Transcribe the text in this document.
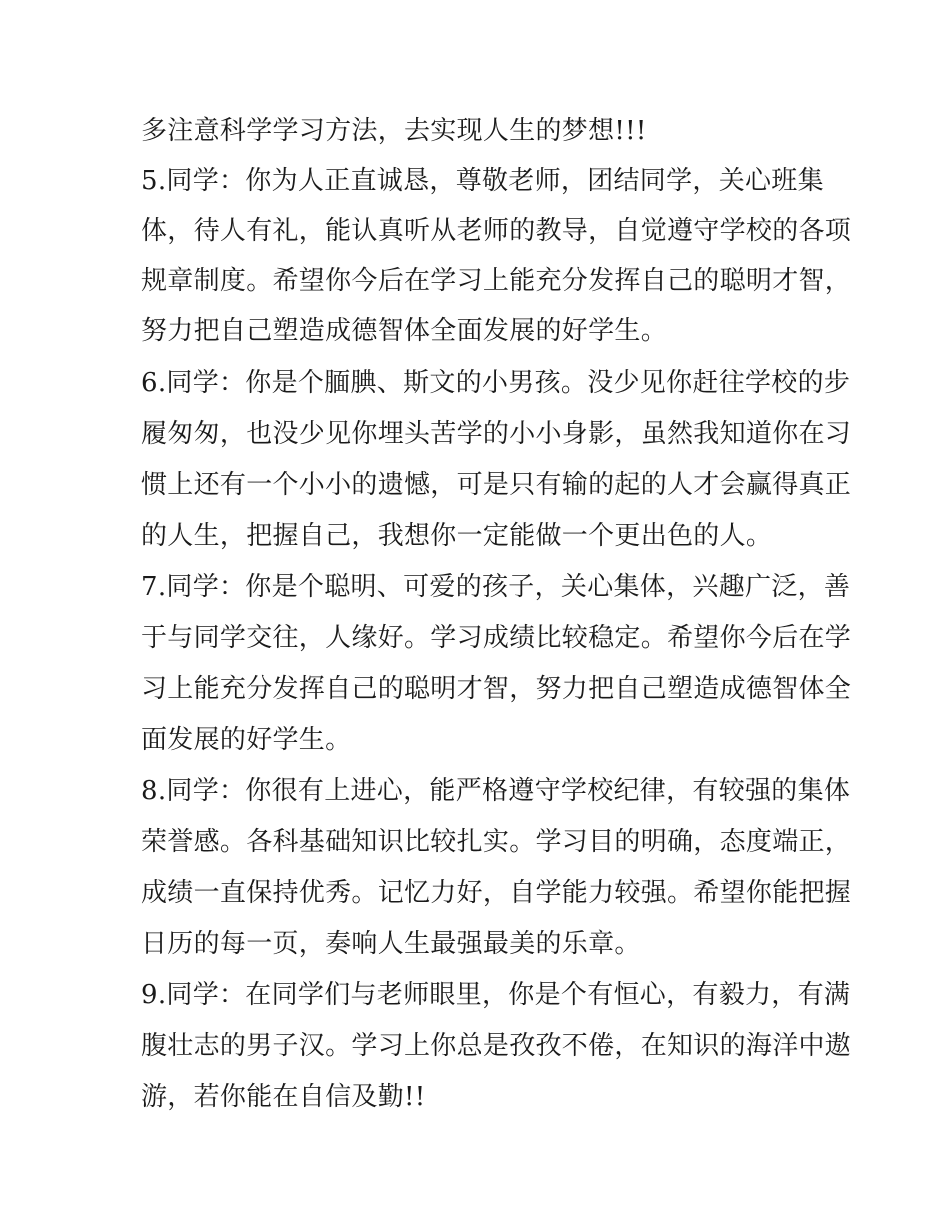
多注意科学学习方法，去实现人生的梦想!!!
5.同学：你为人正直诚恳，尊敬老师，团结同学，关心班集
体，待人有礼，能认真听从老师的教导，自觉遵守学校的各项
规章制度。希望你今后在学习上能充分发挥自己的聪明才智，
努力把自己塑造成德智体全面发展的好学生。
6.同学：你是个腼腆、斯文的小男孩。没少见你赶往学校的步
履匆匆，也没少见你埋头苦学的小小身影，虽然我知道你在习
惯上还有一个小小的遗憾，可是只有输的起的人才会赢得真正
的人生，把握自己，我想你一定能做一个更出色的人。
7.同学：你是个聪明、可爱的孩子，关心集体，兴趣广泛，善
于与同学交往，人缘好。学习成绩比较稳定。希望你今后在学
习上能充分发挥自己的聪明才智，努力把自己塑造成德智体全
面发展的好学生。
8.同学：你很有上进心，能严格遵守学校纪律，有较强的集体
荣誉感。各科基础知识比较扎实。学习目的明确，态度端正，
成绩一直保持优秀。记忆力好，自学能力较强。希望你能把握
日历的每一页，奏响人生最强最美的乐章。
9.同学：在同学们与老师眼里，你是个有恒心，有毅力，有满
腹壮志的男子汉。学习上你总是孜孜不倦，在知识的海洋中遨
游，若你能在自信及勤!!
